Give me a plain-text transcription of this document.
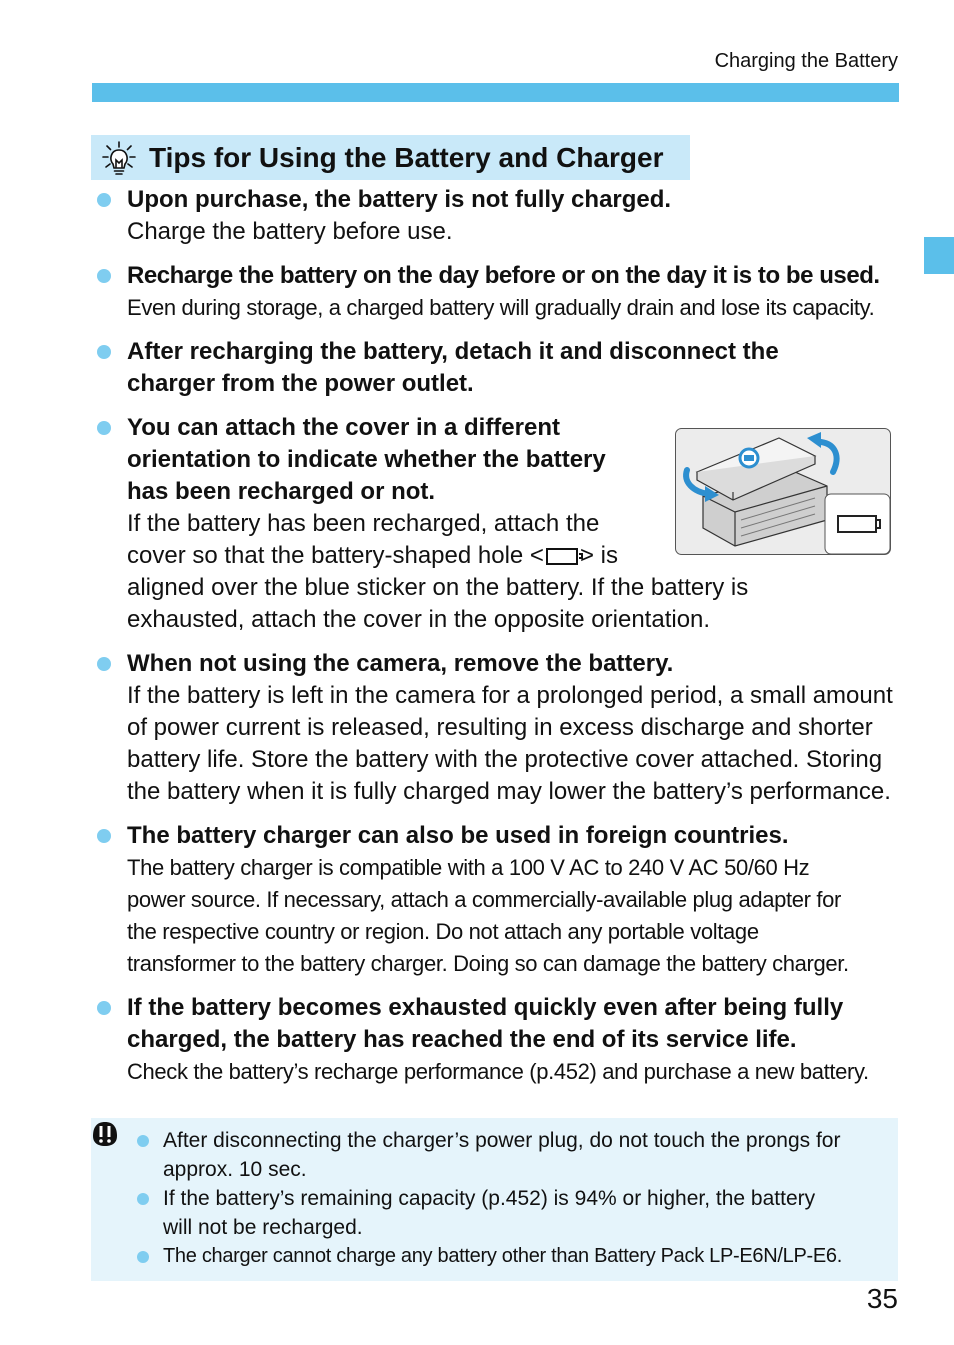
Charging the Battery
Tips for Using the Battery and Charger
Upon purchase, the battery is not fully charged.
Charge the battery before use.
Recharge the battery on the day before or on the day it is to be used.
Even during storage, a charged battery will gradually drain and lose its capacity.
After recharging the battery, detach it and disconnect the
charger from the power outlet.
You can attach the cover in a different
orientation to indicate whether the battery
has been recharged or not.
If the battery has been recharged, attach the
cover so that the battery-shaped hole < > is
aligned over the blue sticker on the battery. If the battery is
exhausted, attach the cover in the opposite orientation.
When not using the camera, remove the battery.
If the battery is left in the camera for a prolonged period, a small amount
of power current is released, resulting in excess discharge and shorter
battery life. Store the battery with the protective cover attached. Storing
the battery when it is fully charged may lower the battery’s performance.
The battery charger can also be used in foreign countries.
The battery charger is compatible with a 100 V AC to 240 V AC 50/60 Hz
power source. If necessary, attach a commercially-available plug adapter for
the respective country or region. Do not attach any portable voltage
transformer to the battery charger. Doing so can damage the battery charger.
If the battery becomes exhausted quickly even after being fully
charged, the battery has reached the end of its service life.
Check the battery’s recharge performance (p.452) and purchase a new battery.
After disconnecting the charger’s power plug, do not touch the prongs for
approx. 10 sec.
If the battery’s remaining capacity (p.452) is 94% or higher, the battery
will not be recharged.
The charger cannot charge any battery other than Battery Pack LP-E6N/LP-E6.
35
